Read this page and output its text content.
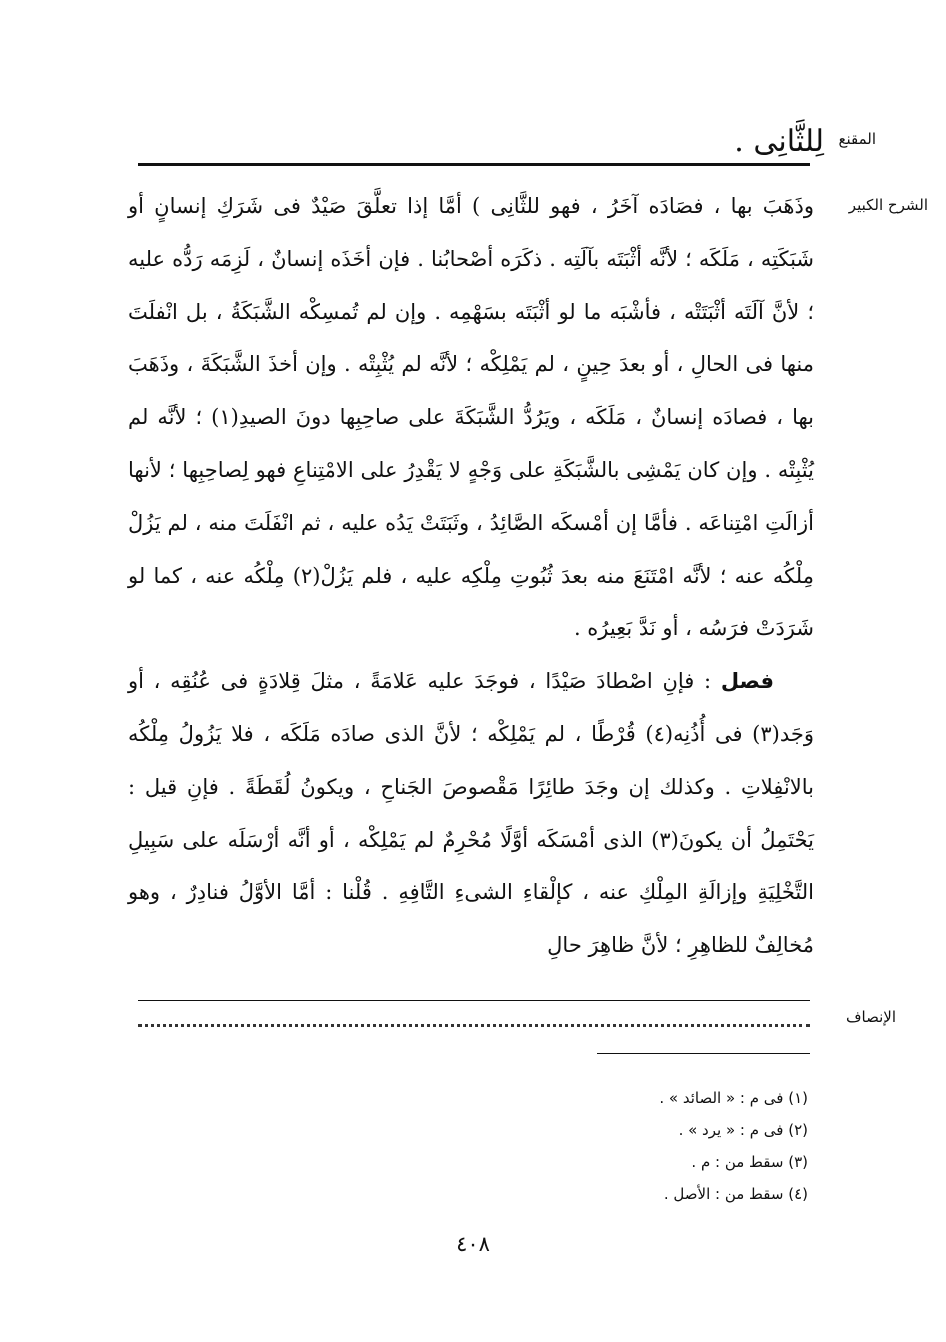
المقنع
لِلثَّانِى .
الشرح الكبير

وذَهَبَ بها ، فصَادَه آخَرُ ، فهو للثَّانِى ) أمَّا إذا تعلَّقَ صَيْدٌ فى شَرَكِ إنسانٍ أو شَبَكَتِه ، مَلَكَه ؛ لأنَّه أثْبَتَه بآلَتِه . ذكَرَه أصْحابُنا . فإن أخَذَه إنسانٌ ، لَزِمَه رَدُّه عليه ؛ لأنَّ آلَتَه أثْبَتَتْه ، فأشْبَه ما لو أثْبَتَه بسَهْمِه . وإن لم تُمسِكْه الشَّبَكَةُ ، بل انْفلَتَ منها فى الحالِ ، أو بعدَ حِينٍ ، لم يَمْلِكْه ؛ لأنَّه لم يُثْبِتْه . وإن أخذَ الشَّبَكَةَ ، وذَهَبَ بها ، فصادَه إنسانٌ ، مَلَكَه ، ويَرُدُّ الشَّبَكَةَ على صاحِبِها دونَ الصيدِ(١) ؛ لأنَّه لم يُثْبِتْه . وإن كان يَمْشِى بالشَّبَكَةِ على وَجْهٍ لا يَقْدِرُ على الامْتِناعِ فهو لِصاحِبِها ؛ لأنها أزالَتِ امْتِناعَه . فأمَّا إن أمْسكَه الصَّائِدُ ، وثَبَتَتْ يَدُه عليه ، ثم انْفَلَتَ منه ، لم يَزُلْ مِلْكُه عنه ؛ لأنَّه امْتَنَعَ منه بعدَ ثُبُوتِ مِلْكِه عليه ، فلم يَزُلْ(٢) مِلْكُه عنه ، كما لو شَرَدَتْ فرَسُه ، أو نَدَّ بَعِيرُه .

فصل : فإنِ اصْطادَ صَيْدًا ، فوجَدَ عليه عَلامَةً ، مثلَ قِلادَةٍ فى عُنُقِه ، أو وَجَد(٣) فى أُذُنِه(٤) قُرْطًا ، لم يَمْلِكْه ؛ لأنَّ الذى صادَه مَلَكَه ، فلا يَزُولُ مِلْكُه بالانْفِلاتِ . وكذلك إن وجَدَ طائِرًا مَقْصوصَ الجَناحِ ، ويكونُ لُقَطَةً . فإنِ قيل : يَحْتَمِلُ أن يكونَ(٣) الذى أمْسَكَه أوَّلًا مُحْرِمٌ لم يَمْلِكْه ، أو أنَّه أرْسَلَه على سَبِيلِ التَّخْلِيَةِ وإزالَةِ المِلْكِ عنه ، كإلْقاءِ الشىءِ التَّافِهِ . قُلْنا : أمَّا الأوَّلُ فنادِرٌ ، وهو مُخالِفٌ للظاهِرِ ؛ لأنَّ ظاهِرَ حالِ

الإنصاف
(١) فى م : « الصائد » .
(٢) فى م : « يرد » .
(٣) سقط من : م .
(٤) سقط من : الأصل .
٤٠٨
